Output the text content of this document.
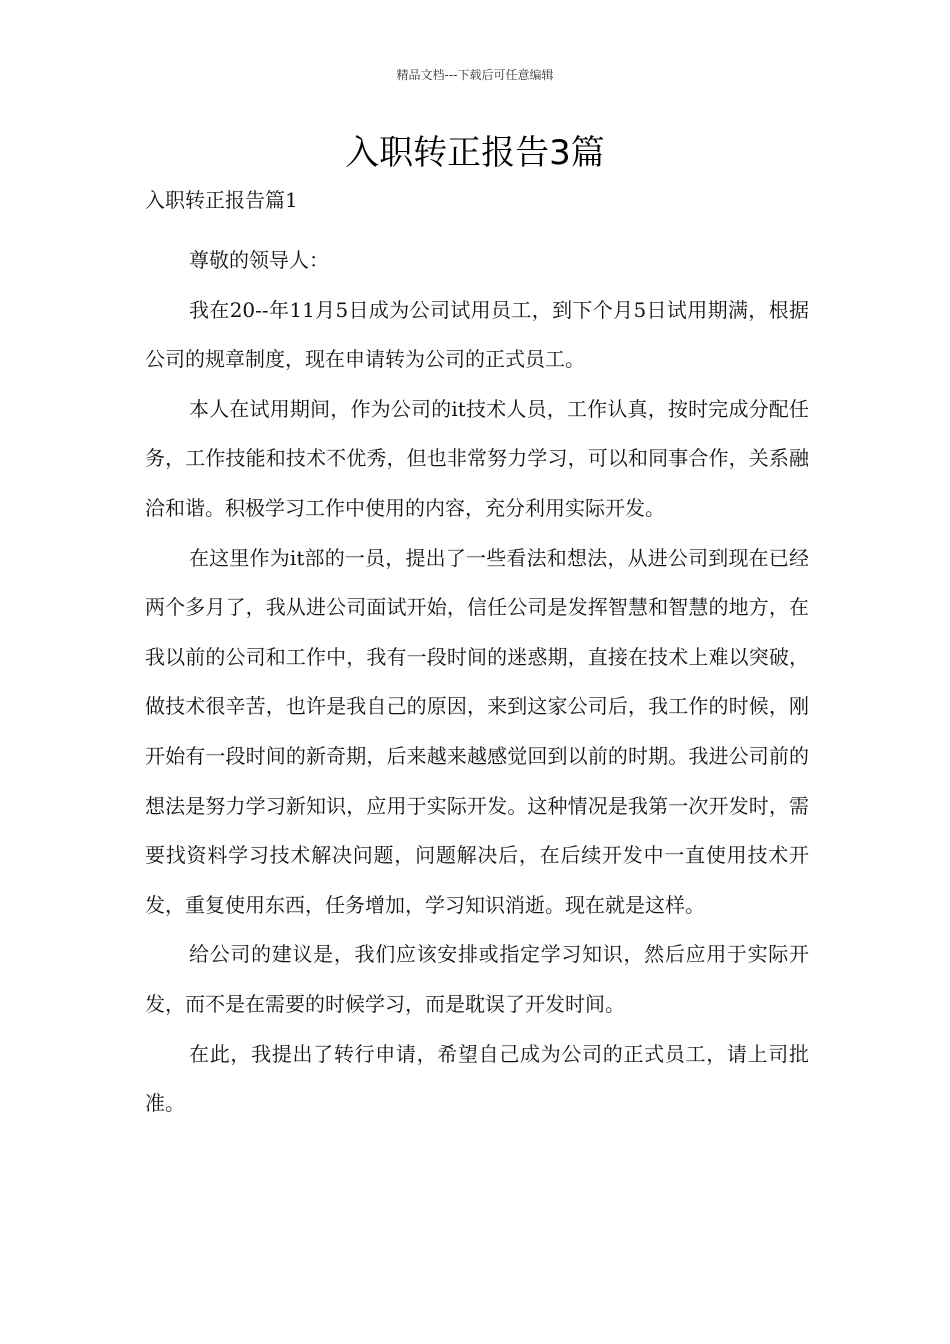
精品文档---下载后可任意编辑
入职转正报告3篇
入职转正报告篇1

尊敬的领导人：

我在20--年11月5日成为公司试用员工，到下个月5日试用期满，根据公司的规章制度，现在申请转为公司的正式员工。

本人在试用期间，作为公司的it技术人员，工作认真，按时完成分配任务，工作技能和技术不优秀，但也非常努力学习，可以和同事合作，关系融洽和谐。积极学习工作中使用的内容，充分利用实际开发。

在这里作为it部的一员，提出了一些看法和想法，从进公司到现在已经两个多月了，我从进公司面试开始，信任公司是发挥智慧和智慧的地方，在我以前的公司和工作中，我有一段时间的迷惑期，直接在技术上难以突破，做技术很辛苦，也许是我自己的原因，来到这家公司后，我工作的时候，刚开始有一段时间的新奇期，后来越来越感觉回到以前的时期。我进公司前的想法是努力学习新知识，应用于实际开发。这种情况是我第一次开发时，需要找资料学习技术解决问题，问题解决后，在后续开发中一直使用技术开发，重复使用东西，任务增加，学习知识消逝。现在就是这样。

给公司的建议是，我们应该安排或指定学习知识，然后应用于实际开发，而不是在需要的时候学习，而是耽误了开发时间。

在此，我提出了转行申请，希望自己成为公司的正式员工，请上司批准。
